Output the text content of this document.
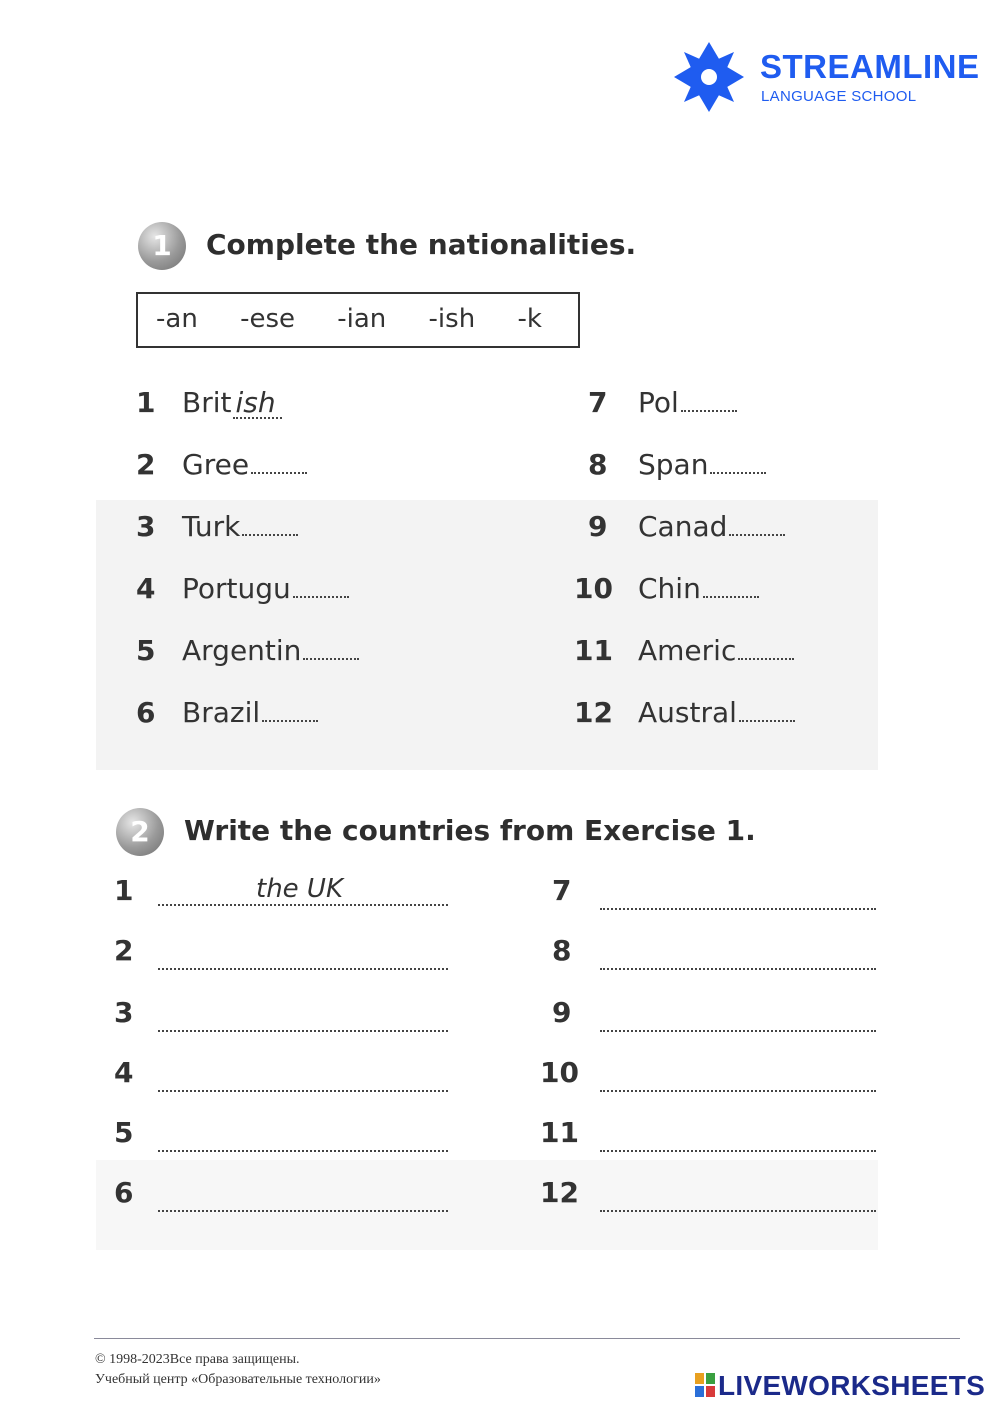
STREAMLINE
LANGUAGE SCHOOL
1	Complete the nationalities.
-an -ese -ian -ish -k
1 Brit ish
2 Gree
3 Turk
4 Portugu
5 Argentin
6 Brazil
7 Pol
8 Span
9 Canad
10 Chin
11 Americ
12 Austral
2	Write the countries from Exercise 1.
1	the UK
2
3
4
5
6
7
8
9
10
11
12
© 1998-2023Все права защищены.
Учебный центр «Образовательные технологии»	LIVEWORKSHEETS
